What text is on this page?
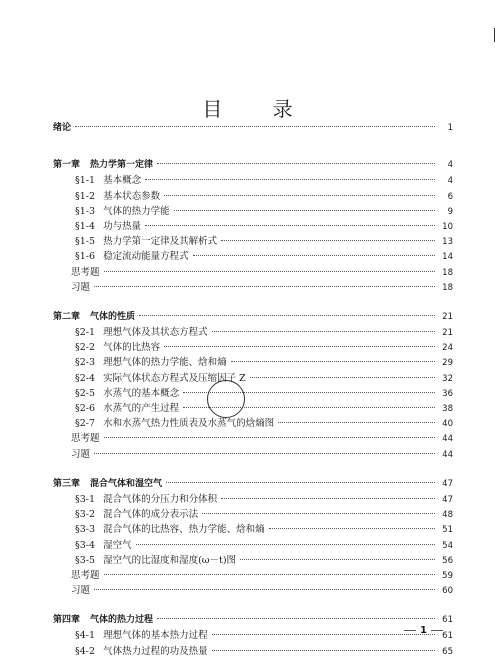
目 录
绪论	1
第一章 热力学第一定律	4
§1-1 基本概念	4
§1-2 基本状态参数	6
§1-3 气体的热力学能	9
§1-4 功与热量	10
§1-5 热力学第一定律及其解析式	13
§1-6 稳定流动能量方程式	14
思考题	18
习题	18
第二章 气体的性质	21
§2-1 理想气体及其状态方程式	21
§2-2 气体的比热容	24
§2-3 理想气体的热力学能、焓和熵	29
§2-4 实际气体状态方程式及压缩因子 Z	32
§2-5 水蒸气的基本概念	36
§2-6 水蒸气的产生过程	38
§2-7 水和水蒸气热力性质表及水蒸气的焓熵图	40
思考题	44
习题	44
第三章 混合气体和湿空气	47
§3-1 混合气体的分压力和分体积	47
§3-2 混合气体的成分表示法	48
§3-3 混合气体的比热容、热力学能、焓和熵	51
§3-4 湿空气	54
§3-5 湿空气的比湿度和湿度(ω－t)图	56
思考题	59
习题	60
第四章 气体的热力过程	61
§4-1 理想气体的基本热力过程	61
§4-2 气体热力过程的功及热量	65
1
